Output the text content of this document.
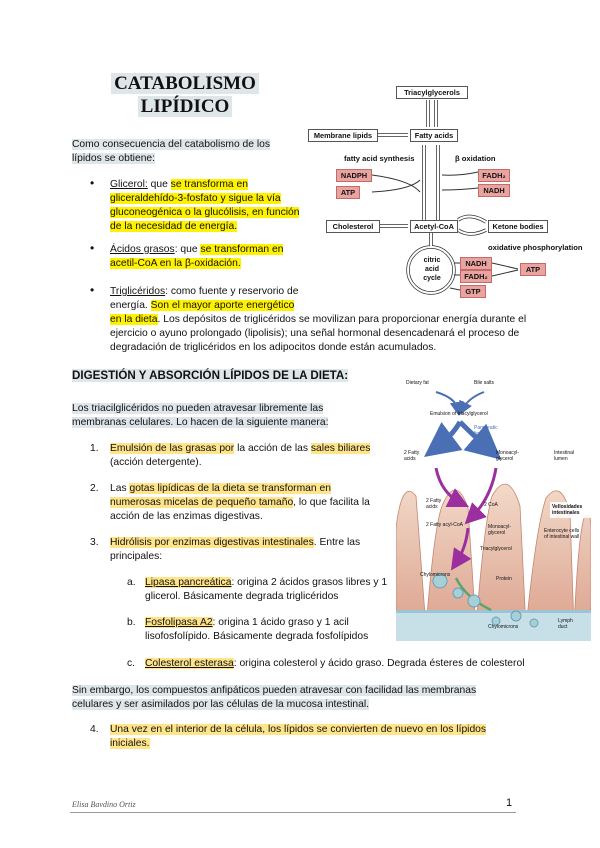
CATABOLISMO
LIPÍDICO
Como consecuencia del catabolismo de los
lípidos se obtiene:
• Glicerol: que se transforma en
gliceraldehído-3-fosfato y sigue la vía
gluconeogénica o la glucólisis, en función
de la necesidad de energía.
• Ácidos grasos: que se transforman en
acetil-CoA en la β-oxidación.
• Triglicéridos: como fuente y reservorio de
energía. Son el mayor aporte energético
en la dieta. Los depósitos de triglicéridos se movilizan para proporcionar energía durante el
ejercicio o ayuno prolongado (lipolisis); una señal hormonal desencadenará el proceso de
degradación de triglicéridos en los adipocitos donde están acumulados.
Triacylglycerols
Membrane lipids	Fatty acids
fatty acid synthesis	β oxidation
NADPH
ATP
FADH₂
NADH
Cholesterol	Acetyl-CoA	Ketone bodies
oxidative phosphorylation
citric
acid
cycle
NADH
FADH₂
ATP
GTP
DIGESTIÓN Y ABSORCIÓN LÍPIDOS DE LA DIETA:
Los triacilglicéridos no pueden atravesar libremente las
membranas celulares. Lo hacen de la siguiente manera:
1. Emulsión de las grasas por la acción de las sales biliares
(acción detergente).
2. Las gotas lipídicas de la dieta se transforman en
numerosas micelas de pequeño tamaño, lo que facilita la
acción de las enzimas digestivas.
3. Hidrólisis por enzimas digestivas intestinales. Entre las
principales:
a. Lipasa pancreática: origina 2 ácidos grasos libres y 1
glicerol. Básicamente degrada triglicéridos
b. Fosfolipasa A2: origina 1 ácido graso y 1 acil
lisofosfolípido. Básicamente degrada fosfolípidos
c. Colesterol esterasa: origina colesterol y ácido graso. Degrada ésteres de colesterol
Sin embargo, los compuestos anfipáticos pueden atravesar con facilidad las membranas
celulares y ser asimilados por las células de la mucosa intestinal.
4. Una vez en el interior de la célula, los lípidos se convierten de nuevo en los lípidos
iniciales.
Dietary fat	Bile salts
Emulsion of triacylglycerol
Pancreatic
lipase
2 Fatty
acids
Monoacyl-
glycerol
Intestinal
lumen
2 Fatty
acids	2 CoA
2 Fatty acyl-CoA	Monoacyl-
glycerol
Triacylglycerol
Vellosidades
intestinales
Enterocyte cells
of intestinal wall
Chylomicrons
Protein
Chylomicrons
Lymph
duct
Elisa Bavdino Ortiz	1
